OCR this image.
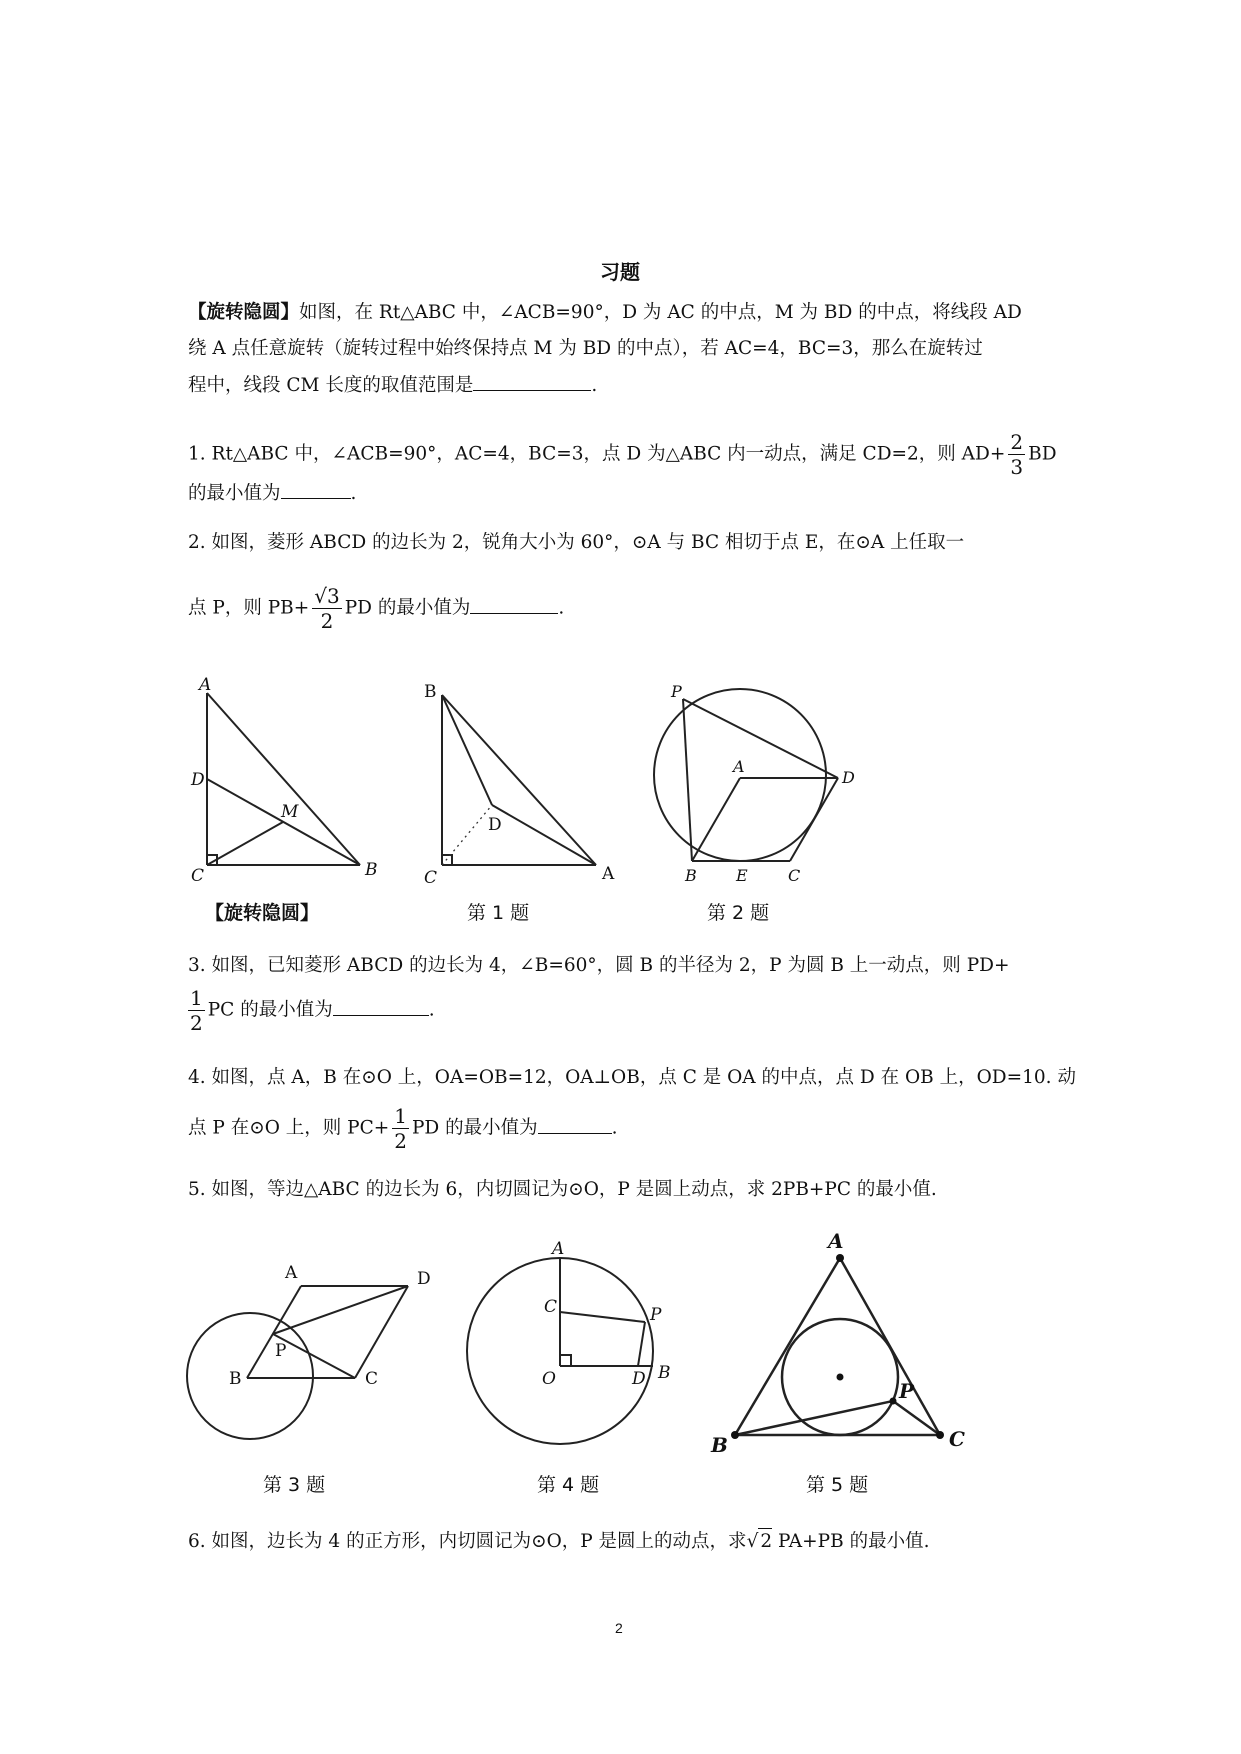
习题
【旋转隐圆】如图，在 Rt△ABC 中，∠ACB=90°，D 为 AC 的中点，M 为 BD 的中点，将线段 AD
绕 A 点任意旋转（旋转过程中始终保持点 M 为 BD 的中点），若 AC=4，BC=3，那么在旋转过
程中，线段 CM 长度的取值范围是	.
1. Rt△ABC 中，∠ACB=90°，AC=4，BC=3，点 D 为△ABC 内一动点，满足 CD=2，则 $AD+ \frac{2}{3}$ BD
的最小值为	.
2. 如图，菱形 ABCD 的边长为 2，锐角大小为 60°，⊙A 与 BC 相切于点 E，在⊙A 上任取一
点 P，则 $PB+ \frac{√3}{2}$ PD 的最小值为	.
A
D
M
C	B
【旋转隐圆】
B
D
C	A
第 1 题
P
A
D
B E	C
第 2 题
3. 如图，已知菱形 ABCD 的边长为 4，∠B=60°，圆 B 的半径为 2，P 为圆 B 上一动点，则 PD+
$\frac{1}{2}$ PC 的最小值为	.
4. 如图，点 A，B 在⊙O 上，OA=OB=12，OA⊥OB，点 C 是 OA 的中点，点 D 在 OB 上，OD=10. 动
点 P 在⊙O 上，则 $PC+ \frac{1}{2}$ PD 的最小值为	.
5. 如图，等边△ABC 的边长为 6，内切圆记为⊙O，P 是圆上动点，求 2PB+PC 的最小值.
A	D
P
B	C
第 3 题
A
C	P
O	D B
第 4 题
A
P
B	C
第 5 题
6. 如图，边长为 4 的正方形，内切圆记为⊙O，P 是圆上的动点，求√ 2 PA+PB 的最小值.
2
